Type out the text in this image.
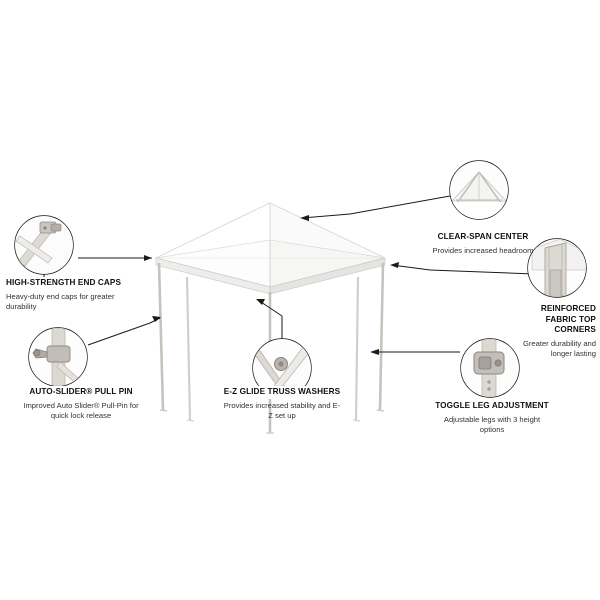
HIGH-STRENGTH END CAPS
Heavy-duty end caps for greater durability
AUTO-SLIDER® PULL PIN
Improved Auto Slider® Pull-Pin for quick lock release
E-Z GLIDE TRUSS WASHERS
Provides increased stability and E-Z set up
TOGGLE LEG ADJUSTMENT
Adjustable legs with 3 height options
CLEAR-SPAN CENTER
Provides increased headroom
REINFORCED FABRIC TOP CORNERS
Greater durability and longer lasting
